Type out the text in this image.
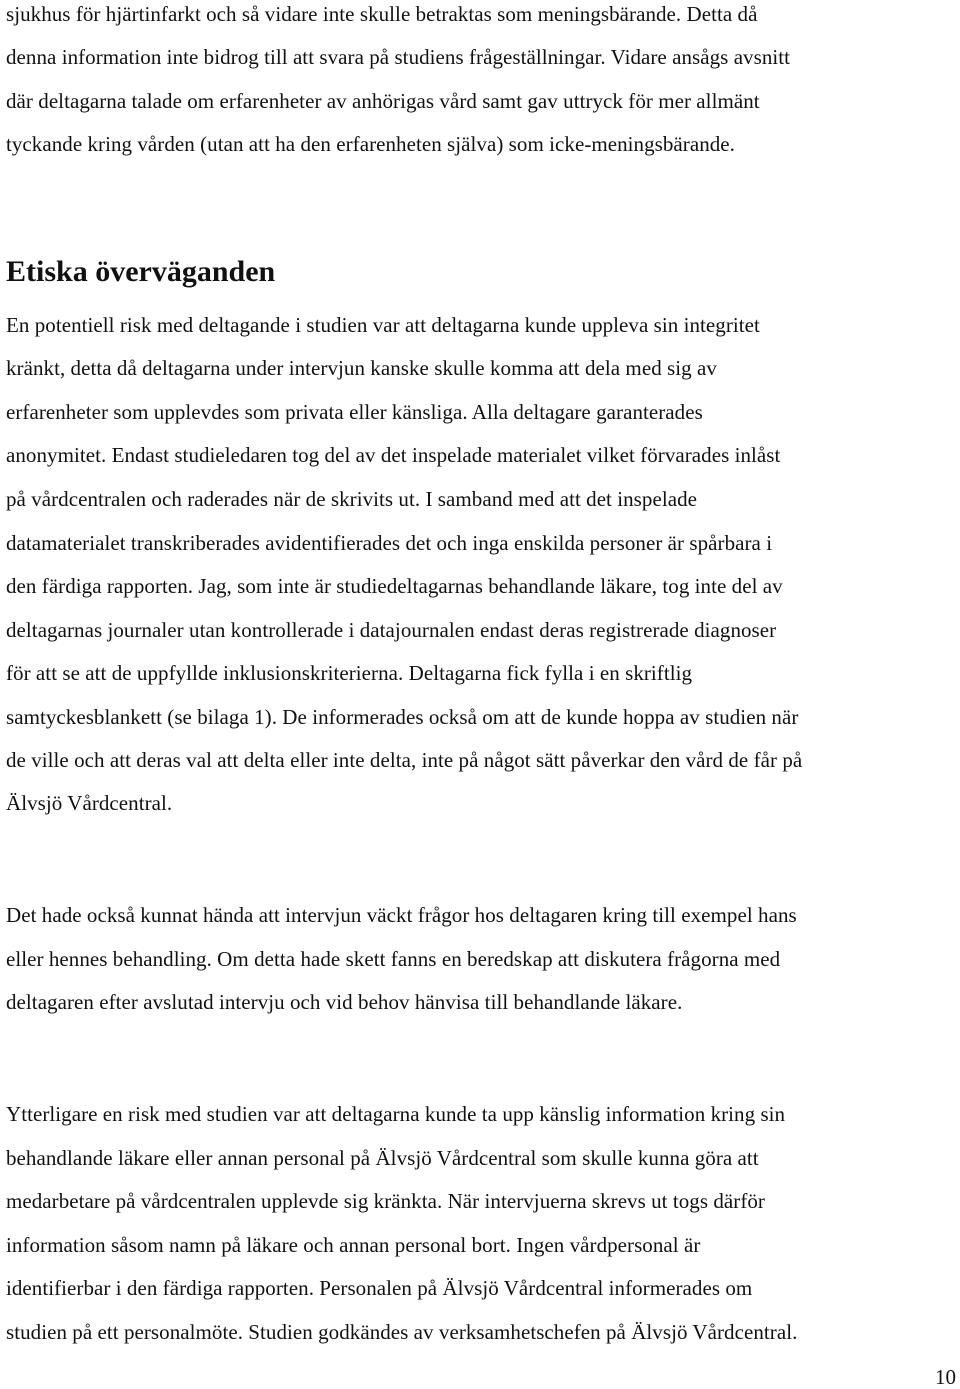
sjukhus för hjärtinfarkt och så vidare inte skulle betraktas som meningsbärande. Detta då
denna information inte bidrog till att svara på studiens frågeställningar. Vidare ansågs avsnitt
där deltagarna talade om erfarenheter av anhörigas vård samt gav uttryck för mer allmänt
tyckande kring vården (utan att ha den erfarenheten själva) som icke-meningsbärande.
Etiska överväganden
En potentiell risk med deltagande i studien var att deltagarna kunde uppleva sin integritet
kränkt, detta då deltagarna under intervjun kanske skulle komma att dela med sig av
erfarenheter som upplevdes som privata eller känsliga. Alla deltagare garanterades
anonymitet. Endast studieledaren tog del av det inspelade materialet vilket förvarades inlåst
på vårdcentralen och raderades när de skrivits ut. I samband med att det inspelade
datamaterialet transkriberades avidentifierades det och inga enskilda personer är spårbara i
den färdiga rapporten. Jag, som inte är studiedeltagarnas behandlande läkare, tog inte del av
deltagarnas journaler utan kontrollerade i datajournalen endast deras registrerade diagnoser
för att se att de uppfyllde inklusionskriterierna. Deltagarna fick fylla i en skriftlig
samtyckesblankett (se bilaga 1). De informerades också om att de kunde hoppa av studien när
de ville och att deras val att delta eller inte delta, inte på något sätt påverkar den vård de får på
Älvsjö Vårdcentral.
Det hade också kunnat hända att intervjun väckt frågor hos deltagaren kring till exempel hans
eller hennes behandling. Om detta hade skett fanns en beredskap att diskutera frågorna med
deltagaren efter avslutad intervju och vid behov hänvisa till behandlande läkare.
Ytterligare en risk med studien var att deltagarna kunde ta upp känslig information kring sin
behandlande läkare eller annan personal på Älvsjö Vårdcentral som skulle kunna göra att
medarbetare på vårdcentralen upplevde sig kränkta. När intervjuerna skrevs ut togs därför
information såsom namn på läkare och annan personal bort. Ingen vårdpersonal är
identifierbar i den färdiga rapporten. Personalen på Älvsjö Vårdcentral informerades om
studien på ett personalmöte. Studien godkändes av verksamhetschefen på Älvsjö Vårdcentral.
10
